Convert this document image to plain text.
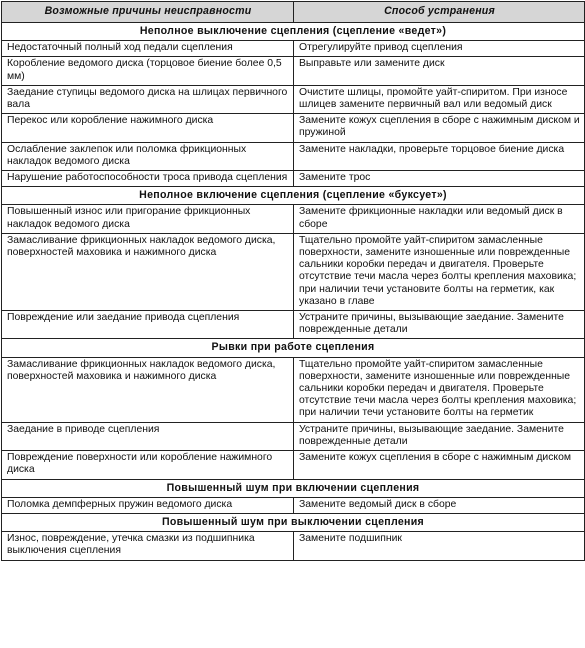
Возможные причины неисправности	Способ устранения
Неполное выключение сцепления (сцепление «ведет»)	
Недостаточный полный ход педали сцепления	Отрегулируйте привод сцепления
Коробление ведомого диска (торцовое биение более 0,5 мм)	Выправьте или замените диск
Заедание ступицы ведомого диска на шлицах первичного вала	Очистите шлицы, промойте уайт-спиритом. При износе шлицев замените первичный вал или ведомый диск
Перекос или коробление нажимного диска	Замените кожух сцепления в сборе с нажимным диском и пружиной
Ослабление заклепок или поломка фрикционных накладок ведомого диска	Замените накладки, проверьте торцовое биение диска
Нарушение работоспособности троса привода сцепления	Замените трос
Неполное включение сцепления (сцепление «буксует»)	
Повышенный износ или пригорание фрикционных накладок ведомого диска	Замените фрикционные накладки или ведомый диск в сборе
Замасливание фрикционных накладок ведомого диска, поверхностей маховика и нажимного диска	Тщательно промойте уайт-спиритом замасленные поверхности, замените изношенные или поврежденные сальники коробки передач и двигателя. Проверьте отсутствие течи масла через болты крепления маховика; при наличии течи установите болты на герметик, как указано в главе
Повреждение или заедание привода сцепления	Устраните причины, вызывающие заедание. Замените поврежденные детали
Рывки при работе сцепления	
Замасливание фрикционных накладок ведомого диска, поверхностей маховика и нажимного диска	Тщательно промойте уайт-спиритом замасленные поверхности, замените изношенные или поврежденные сальники коробки передач и двигателя. Проверьте отсутствие течи масла через болты крепления маховика; при наличии течи установите болты на герметик
Заедание в приводе сцепления	Устраните причины, вызывающие заедание. Замените поврежденные детали
Повреждение поверхности или коробление нажимного диска	Замените кожух сцепления в сборе с нажимным диском
Повышенный шум при включении сцепления	
Поломка демпферных пружин ведомого диска	Замените ведомый диск в сборе
Повышенный шум при выключении сцепления	
Износ, повреждение, утечка смазки из подшипника выключения сцепления	Замените подшипник
